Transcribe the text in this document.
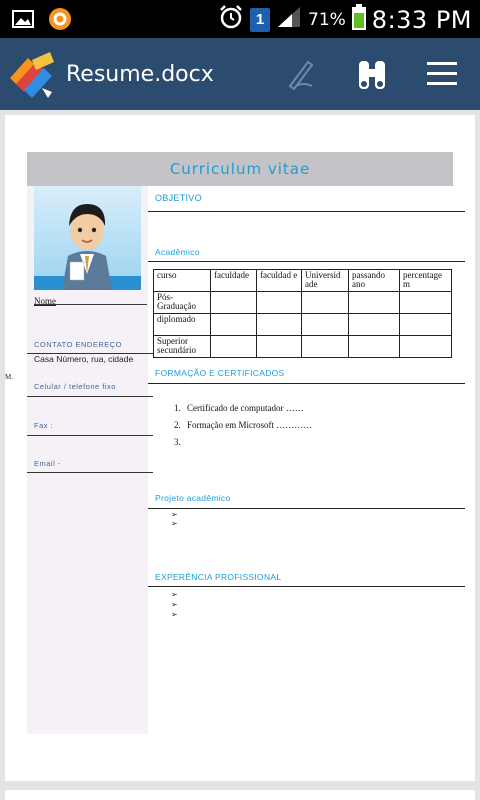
1	71% 8:33 PM
Resume.docx
Curriculum vitae
Nome
CONTATO ENDEREÇO
Casa Número, rua, cidade
Celular / telefone fixo
Fax :
Email -
M.
OBJETIVO
Acadêmico
curso	faculdade	faculdad e	Universid ade	passando ano	percentage m
Pós-Graduação					
diplomado					
Superior secundário					
FORMAÇÃO E CERTIFICADOS
1. Certificado de computador ……
2. Formação em Microsoft …………
3.
Projeto acadêmico
➢
➢
EXPERÊNCIA PROFISSIONAL
➢
➢
➢
